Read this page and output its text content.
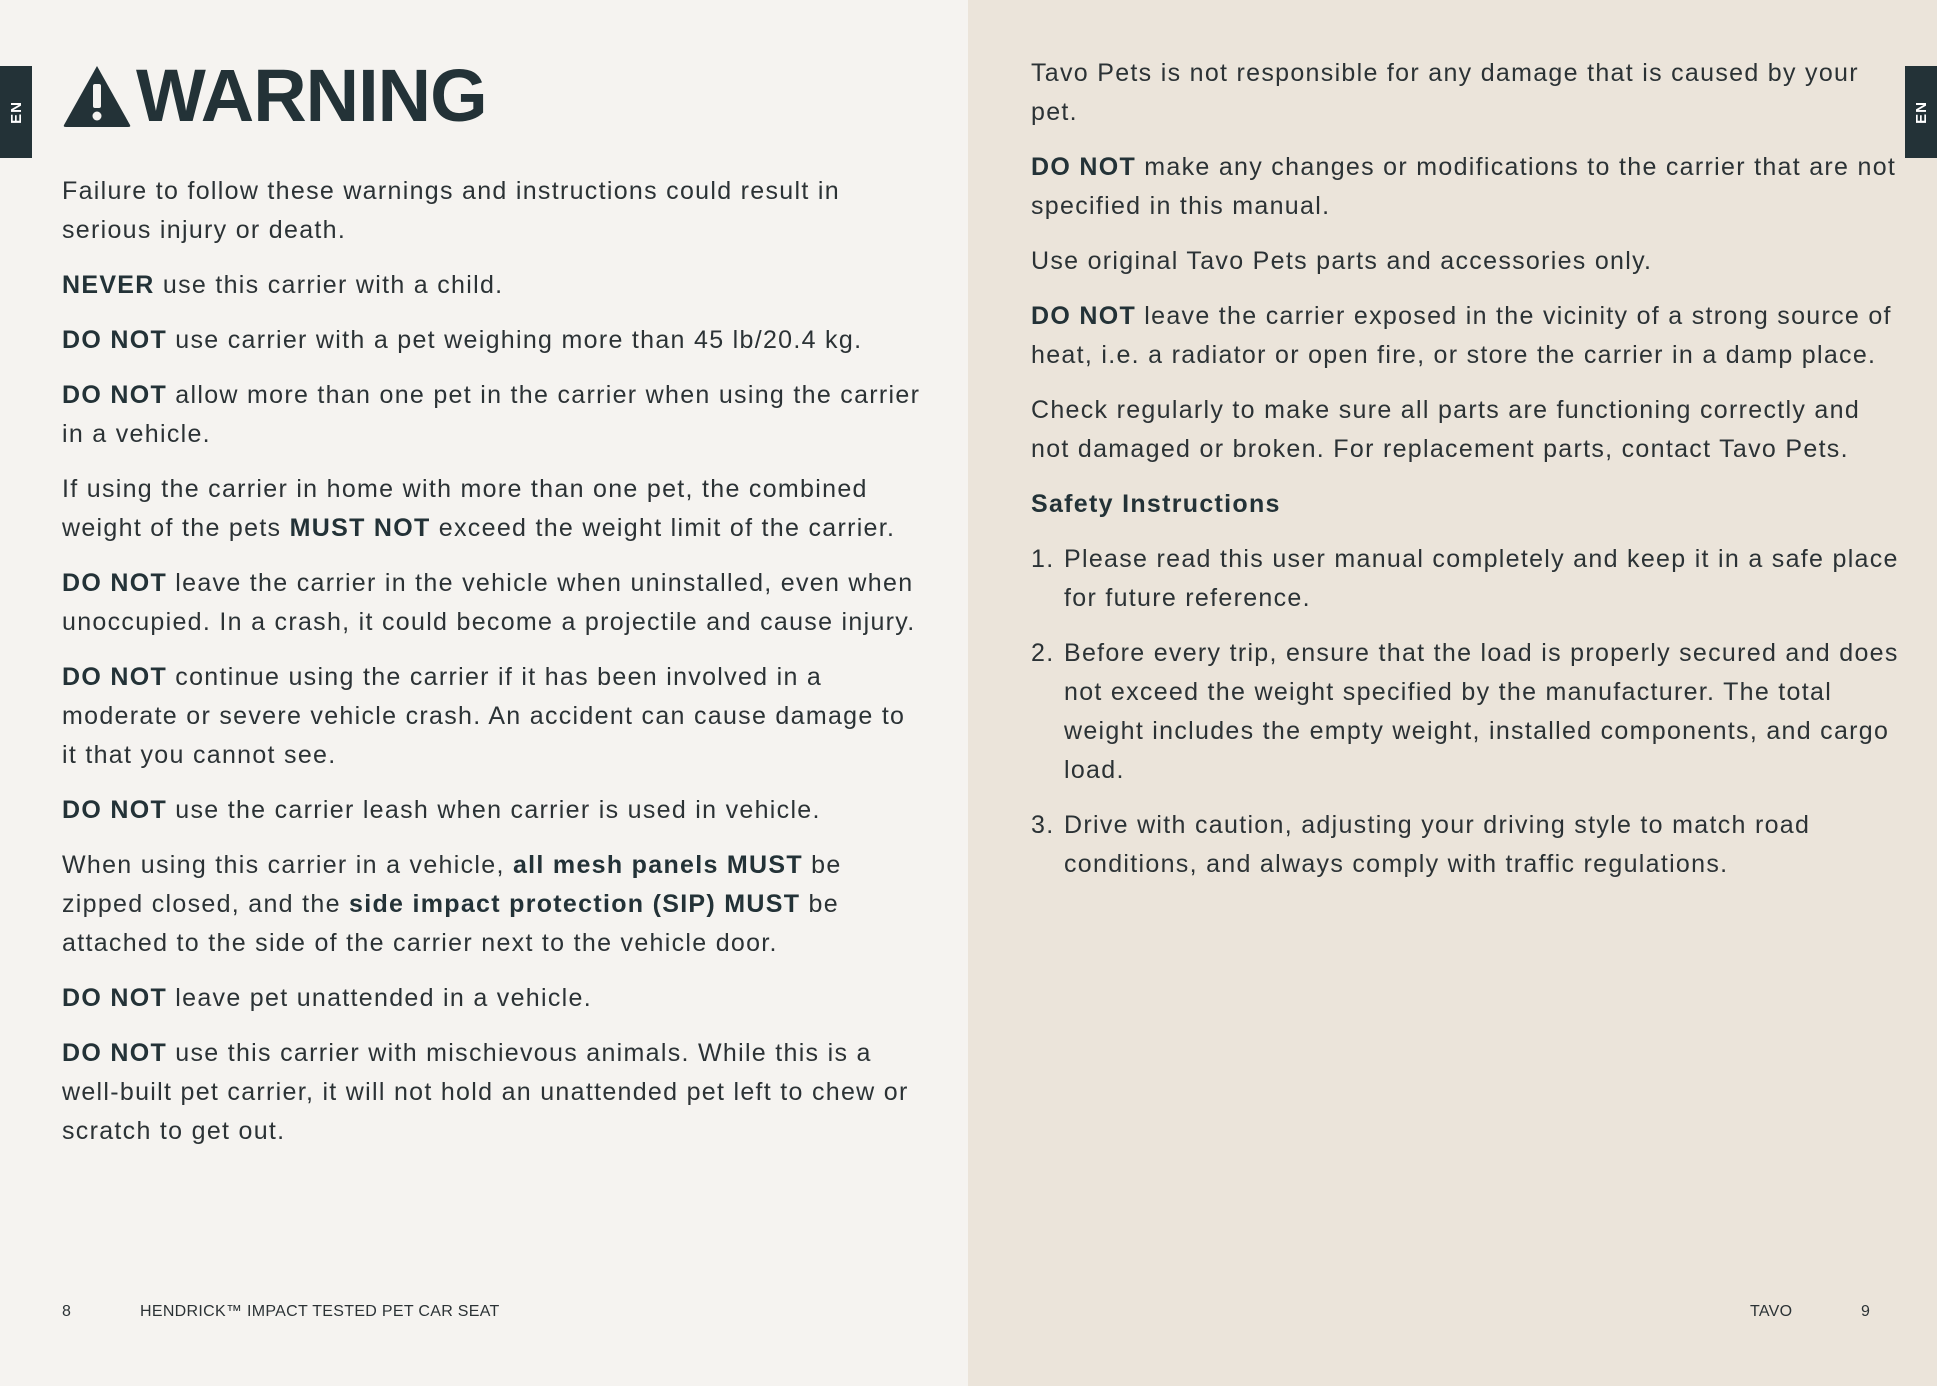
EN WARNING

Failure to follow these warnings and instructions could result in serious injury or death.

NEVER use this carrier with a child.

DO NOT use carrier with a pet weighing more than 45 lb/20.4 kg.

DO NOT allow more than one pet in the carrier when using the carrier in a vehicle.

If using the carrier in home with more than one pet, the combined weight of the pets MUST NOT exceed the weight limit of the carrier.

DO NOT leave the carrier in the vehicle when uninstalled, even when unoccupied. In a crash, it could become a projectile and cause injury.

DO NOT continue using the carrier if it has been involved in a moderate or severe vehicle crash. An accident can cause damage to it that you cannot see.

DO NOT use the carrier leash when carrier is used in vehicle.

When using this carrier in a vehicle, all mesh panels MUST be zipped closed, and the side impact protection (SIP) MUST be attached to the side of the carrier next to the vehicle door.

DO NOT leave pet unattended in a vehicle.

DO NOT use this carrier with mischievous animals. While this is a well-built pet carrier, it will not hold an unattended pet left to chew or scratch to get out.

8	HENDRICK™ IMPACT TESTED PET CAR SEAT
EN

Tavo Pets is not responsible for any damage that is caused by your pet.

DO NOT make any changes or modifications to the carrier that are not specified in this manual.

Use original Tavo Pets parts and accessories only.

DO NOT leave the carrier exposed in the vicinity of a strong source of heat, i.e. a radiator or open fire, or store the carrier in a damp place.

Check regularly to make sure all parts are functioning correctly and not damaged or broken. For replacement parts, contact Tavo Pets.

Safety Instructions
1. Please read this user manual completely and keep it in a safe place for future reference.
2. Before every trip, ensure that the load is properly secured and does not exceed the weight specified by the manufacturer. The total weight includes the empty weight, installed components, and cargo load.
3. Drive with caution, adjusting your driving style to match road conditions, and always comply with traffic regulations.
TAVO	9
